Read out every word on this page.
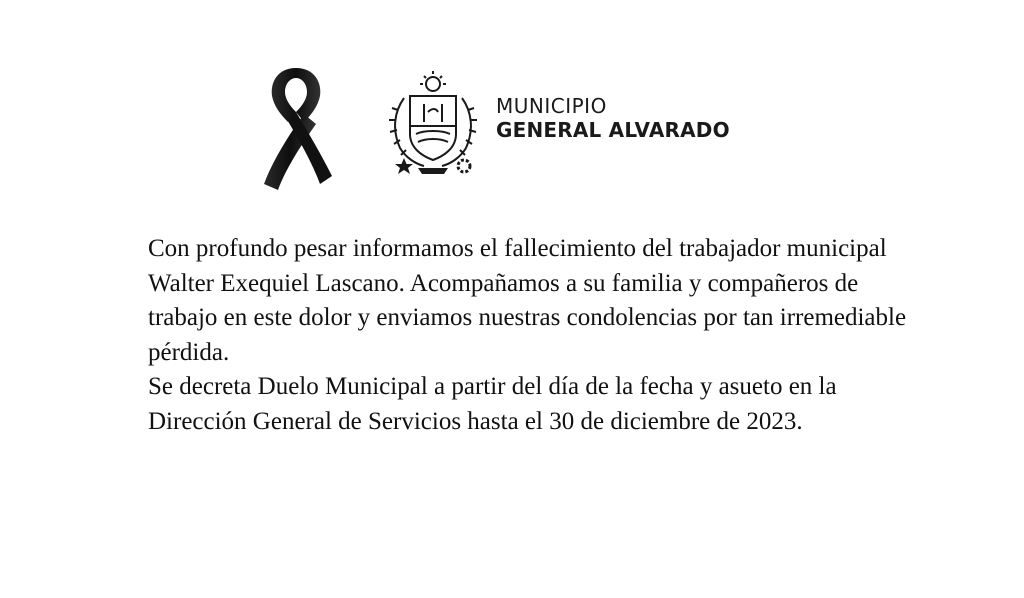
MUNICIPIO
GENERAL ALVARADO

Con profundo pesar informamos el fallecimiento del trabajador municipal Walter Exequiel Lascano. Acompañamos a su familia y compañeros de trabajo en este dolor y enviamos nuestras condolencias por tan irremediable pérdida.

Se decreta Duelo Municipal a partir del día de la fecha y asueto en la Dirección General de Servicios hasta el 30 de diciembre de 2023.
